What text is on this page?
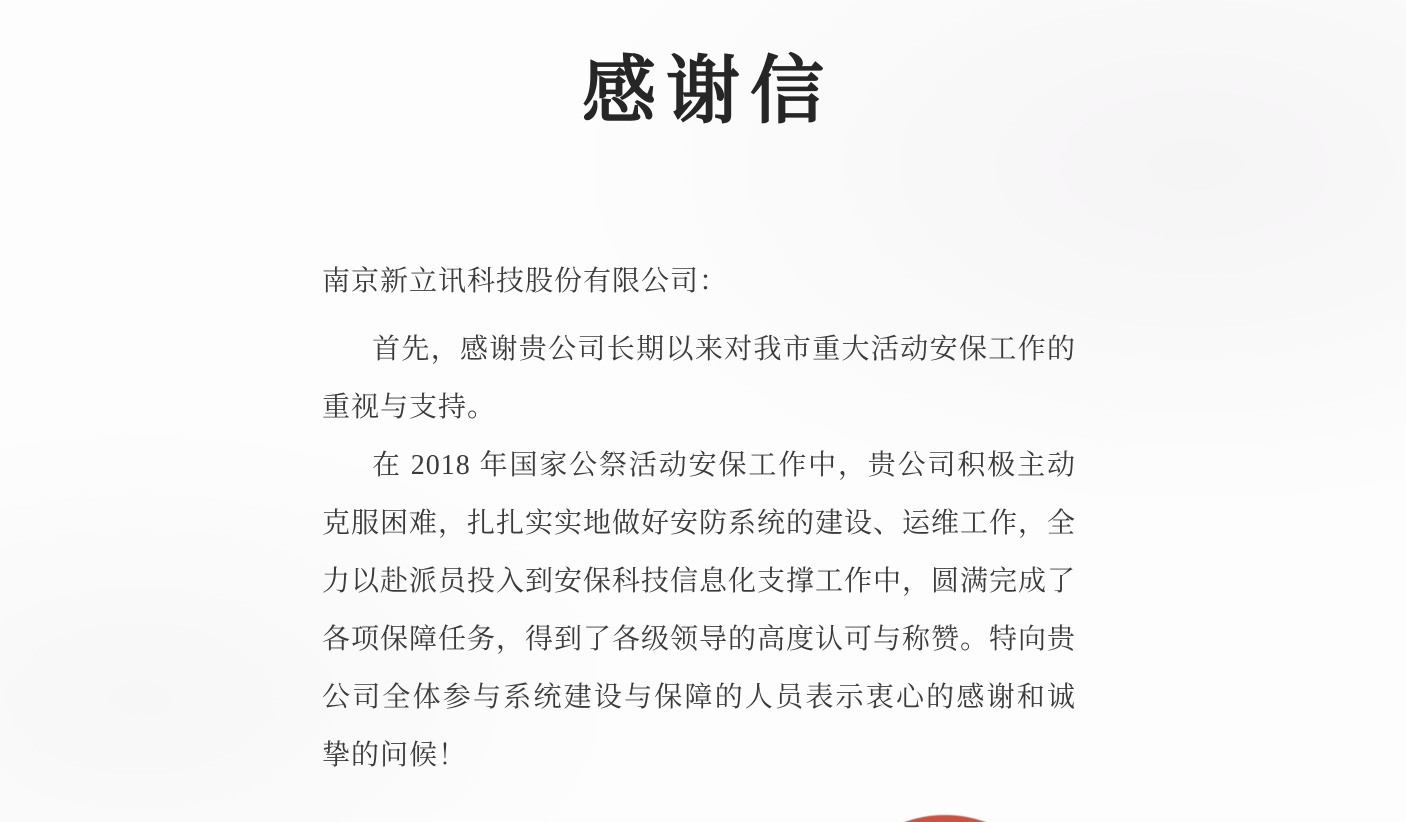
感谢信
南京新立讯科技股份有限公司：
首先，感谢贵公司长期以来对我市重大活动安保工作的
重视与支持。
在 2018 年国家公祭活动安保工作中，贵公司积极主动
克服困难，扎扎实实地做好安防系统的建设、运维工作，全
力以赴派员投入到安保科技信息化支撑工作中，圆满完成了
各项保障任务，得到了各级领导的高度认可与称赞。特向贵
公司全体参与系统建设与保障的人员表示衷心的感谢和诚
挚的问候！
